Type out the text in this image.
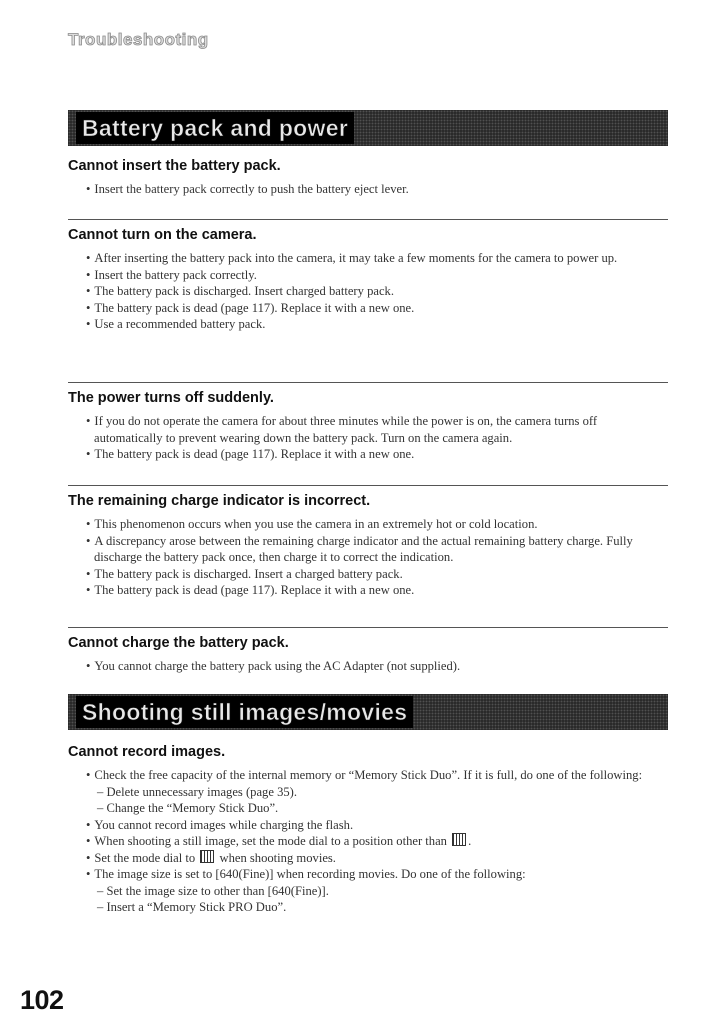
Troubleshooting
Battery pack and power
Cannot insert the battery pack.
• Insert the battery pack correctly to push the battery eject lever.
Cannot turn on the camera.
• After inserting the battery pack into the camera, it may take a few moments for the camera to power up.
• Insert the battery pack correctly.
• The battery pack is discharged. Insert charged battery pack.
• The battery pack is dead (page 117). Replace it with a new one.
• Use a recommended battery pack.
The power turns off suddenly.
• If you do not operate the camera for about three minutes while the power is on, the camera turns off automatically to prevent wearing down the battery pack. Turn on the camera again.
• The battery pack is dead (page 117). Replace it with a new one.
The remaining charge indicator is incorrect.
• This phenomenon occurs when you use the camera in an extremely hot or cold location.
• A discrepancy arose between the remaining charge indicator and the actual remaining battery charge. Fully discharge the battery pack once, then charge it to correct the indication.
• The battery pack is discharged. Insert a charged battery pack.
• The battery pack is dead (page 117). Replace it with a new one.
Cannot charge the battery pack.
• You cannot charge the battery pack using the AC Adapter (not supplied).
Shooting still images/movies
Cannot record images.
• Check the free capacity of the internal memory or “Memory Stick Duo”. If it is full, do one of the following:
– Delete unnecessary images (page 35).
– Change the “Memory Stick Duo”.
• You cannot record images while charging the flash.
• When shooting a still image, set the mode dial to a position other than .
• Set the mode dial to when shooting movies.
• The image size is set to [640(Fine)] when recording movies. Do one of the following:
– Set the image size to other than [640(Fine)].
– Insert a “Memory Stick PRO Duo”.
102
